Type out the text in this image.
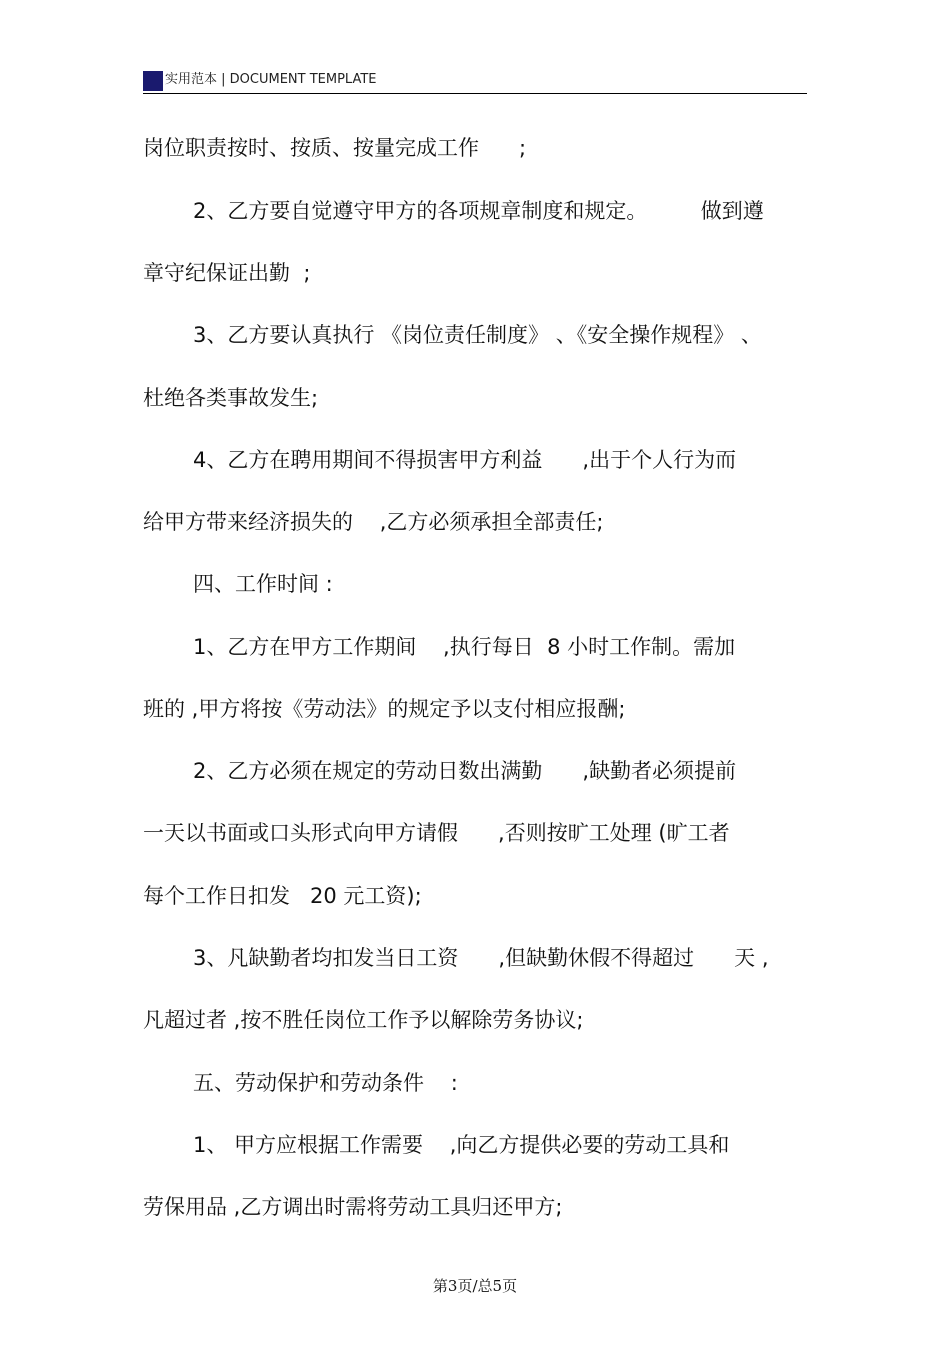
实用范本 | DOCUMENT TEMPLATE
岗位职责按时、按质、按量完成工作      ;
2、乙方要自觉遵守甲方的各项规章制度和规定。        做到遵
章守纪保证出勤  ;
3、乙方要认真执行 《岗位责任制度》 、《安全操作规程》 、
杜绝各类事故发生;
4、乙方在聘用期间不得损害甲方利益      ,出于个人行为而
给甲方带来经济损失的    ,乙方必须承担全部责任;
四、工作时间 :
1、乙方在甲方工作期间    ,执行每日  8 小时工作制。需加
班的 ,甲方将按《劳动法》的规定予以支付相应报酬;
2、乙方必须在规定的劳动日数出满勤      ,缺勤者必须提前
一天以书面或口头形式向甲方请假      ,否则按旷工处理 (旷工者
每个工作日扣发   20 元工资);
3、凡缺勤者均扣发当日工资      ,但缺勤休假不得超过      天 ,
凡超过者 ,按不胜任岗位工作予以解除劳务协议;
五、劳动保护和劳动条件    :
1、 甲方应根据工作需要    ,向乙方提供必要的劳动工具和
劳保用品 ,乙方调出时需将劳动工具归还甲方;
第3页/总5页
